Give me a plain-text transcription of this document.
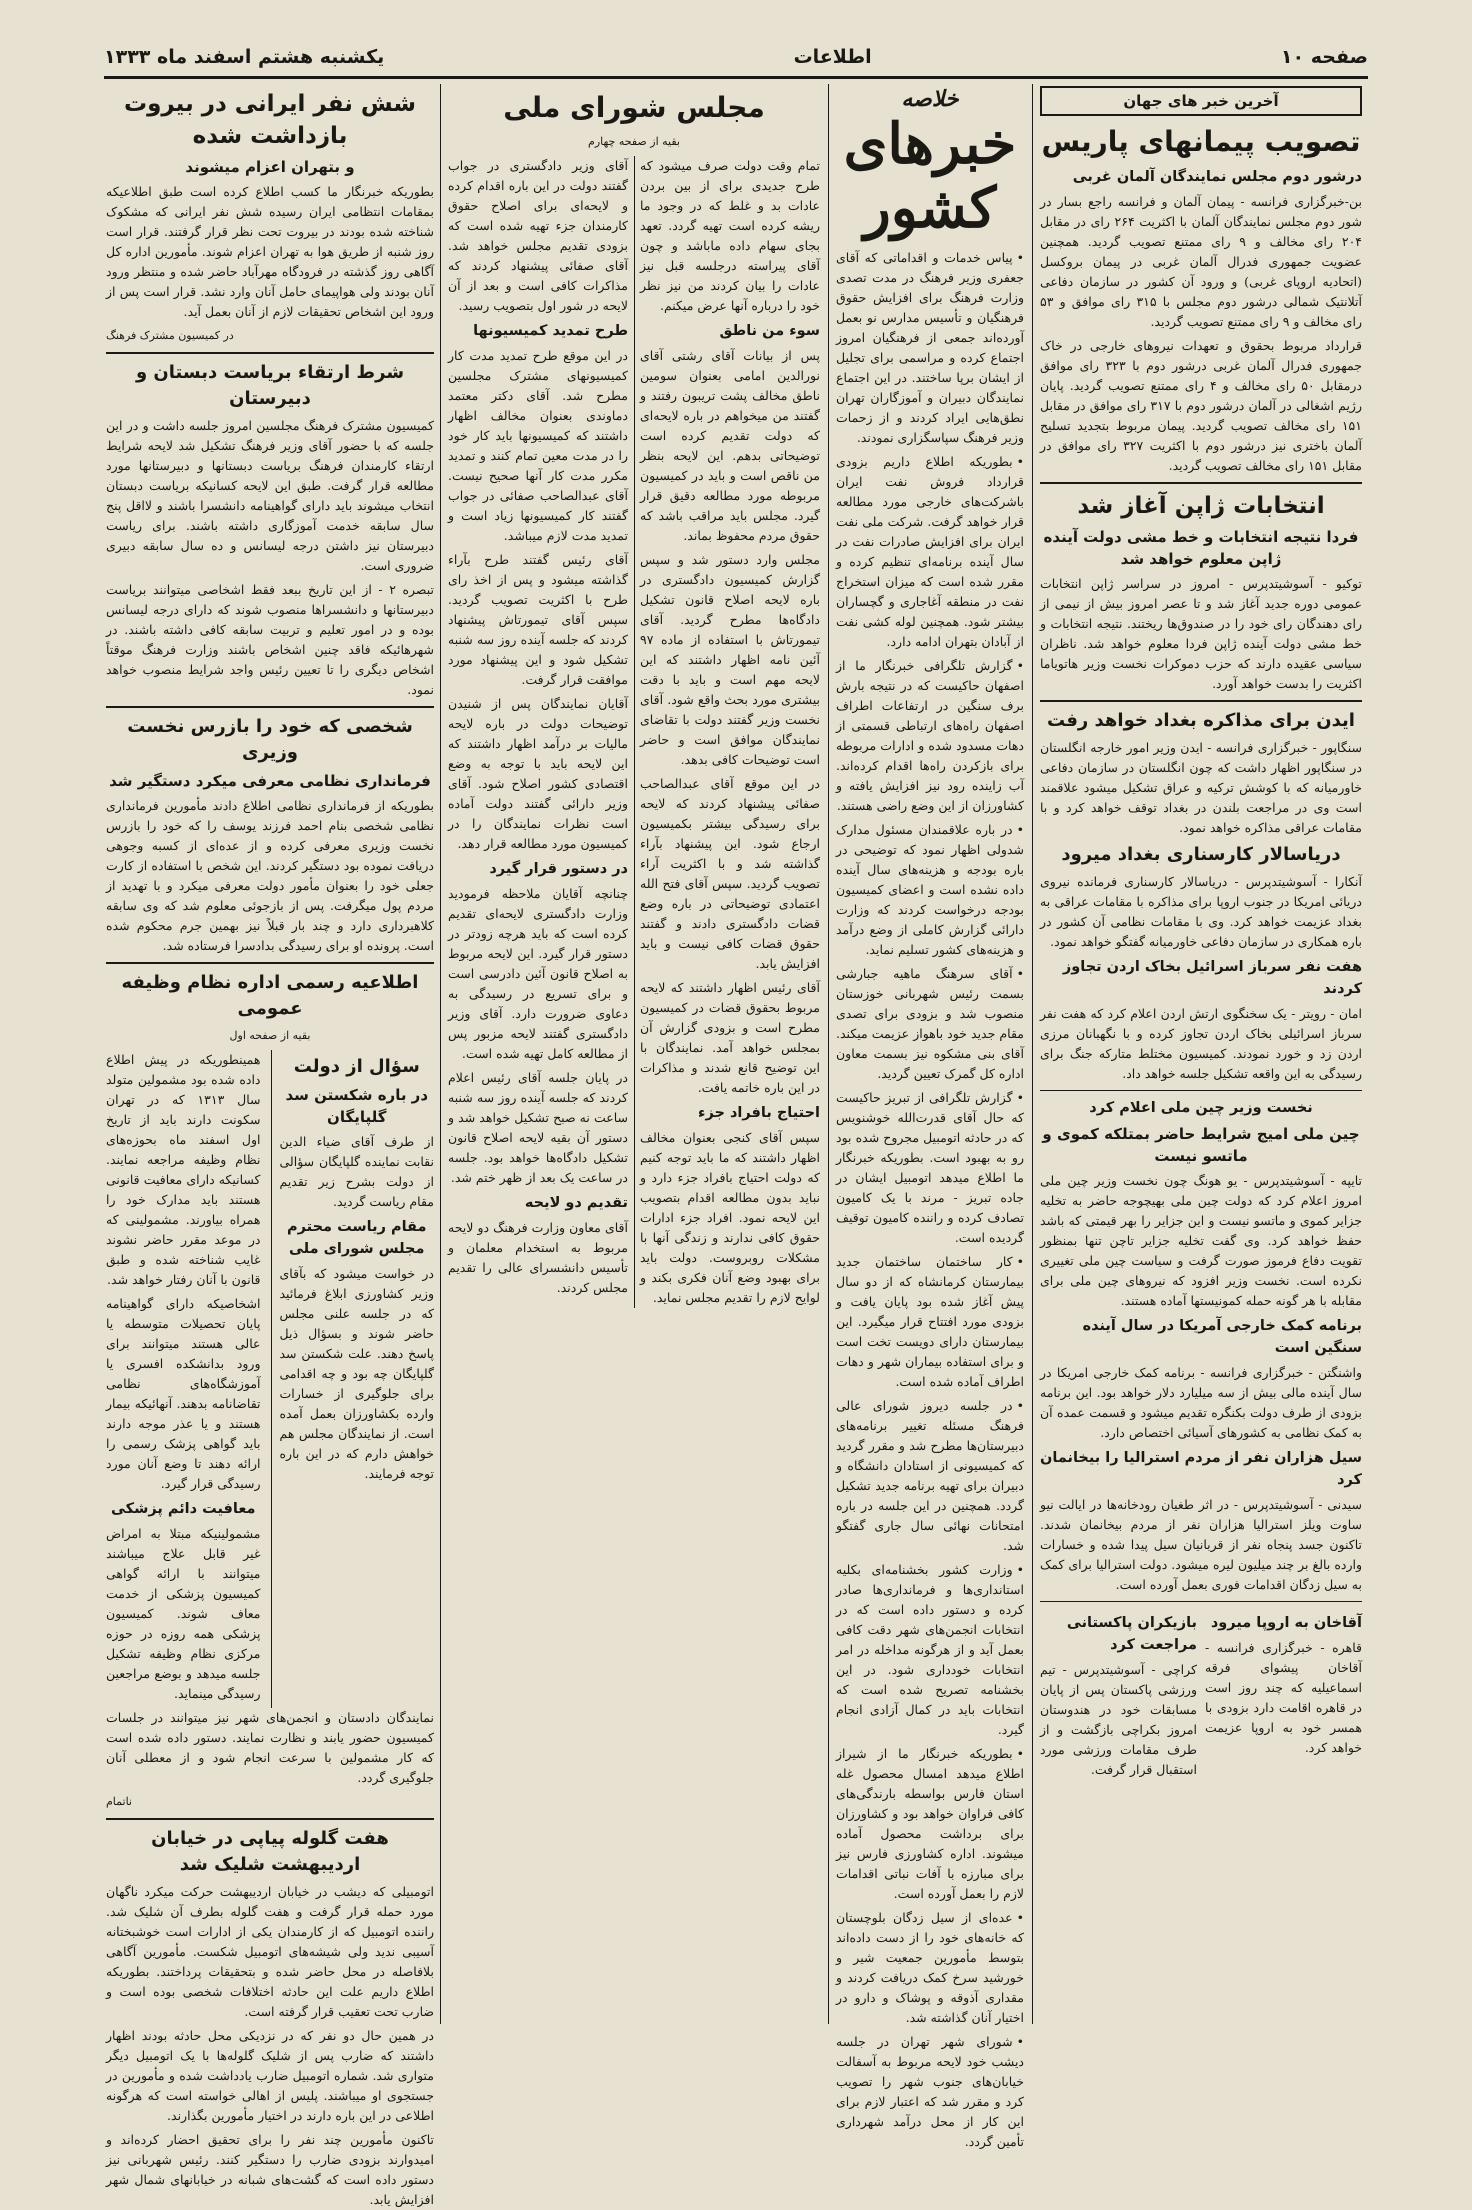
صفحه ۱۰
اطلاعات
یکشنبه هشتم اسفند ماه ۱۳۳۳
آخرین خبر های جهان
تصویب پیمانهای پاریس
درشور دوم مجلس نمایندگان آلمان غربی

بن-خبرگزاری فرانسه - پیمان آلمان و فرانسه راجع بسار در شور دوم مجلس نمایندگان آلمان با اکثریت ۲۶۴ رای در مقابل ۲۰۴ رای مخالف و ۹ رای ممتنع تصویب گردید. همچنین عضویت جمهوری فدرال آلمان غربی در پیمان بروکسل (اتحادیه اروپای غربی) و ورود آن کشور در سازمان دفاعی آتلانتیک شمالی درشور دوم مجلس با ۳۱۵ رای موافق و ۵۳ رای مخالف و ۹ رای ممتنع تصویب گردید.

قرارداد مربوط بحقوق و تعهدات نیروهای خارجی در خاک جمهوری فدرال آلمان غربی درشور دوم با ۳۲۳ رای موافق درمقابل ۵۰ رای مخالف و ۴ رای ممتنع تصویب گردید. پایان رژیم اشغالی در آلمان درشور دوم با ۳۱۷ رای موافق در مقابل ۱۵۱ رای مخالف تصویب گردید. پیمان مربوط بتجدید تسلیح آلمان باختری نیز درشور دوم با اکثریت ۳۲۷ رای موافق در مقابل ۱۵۱ رای مخالف تصویب گردید.

انتخابات ژاپن آغاز شد
فردا نتیجه انتخابات و خط مشی دولت آینده ژاپن معلوم خواهد شد

توکیو - آسوشیتدپرس - امروز در سراسر ژاپن انتخابات عمومی دوره جدید آغاز شد و تا عصر امروز بیش از نیمی از رای دهندگان رای خود را در صندوق‌ها ریختند. نتیجه انتخابات و خط مشی دولت آینده ژاپن فردا معلوم خواهد شد. ناظران سیاسی عقیده دارند که حزب دموکرات نخست وزیر هاتویاما اکثریت را بدست خواهد آورد.

ایدن برای مذاکره بغداد خواهد رفت

سنگاپور - خبرگزاری فرانسه - ایدن وزیر امور خارجه انگلستان در سنگاپور اظهار داشت که چون انگلستان در سازمان دفاعی خاورمیانه که با کوشش ترکیه و عراق تشکیل میشود علاقمند است وی در مراجعت بلندن در بغداد توقف خواهد کرد و با مقامات عراقی مذاکره خواهد نمود.

دریاسالار کارسناری بغداد میرود

آنکارا - آسوشیتدپرس - دریاسالار کارسناری فرمانده نیروی دریائی امریکا در جنوب اروپا برای مذاکره با مقامات عراقی به بغداد عزیمت خواهد کرد. وی با مقامات نظامی آن کشور در باره همکاری در سازمان دفاعی خاورمیانه گفتگو خواهد نمود.

هفت نفر سرباز اسرائیل بخاک اردن تجاوز کردند

امان - رویتر - یک سخنگوی ارتش اردن اعلام کرد که هفت نفر سرباز اسرائیلی بخاک اردن تجاوز کرده و با نگهبانان مرزی اردن زد و خورد نمودند. کمیسیون مختلط متارکه جنگ برای رسیدگی به این واقعه تشکیل جلسه خواهد داد.

نخست وزیر چین ملی اعلام کرد
چین ملی امیج شرایط حاضر بمتلکه کموی و ماتسو نیست

تایپه - آسوشیتدپرس - یو هونگ چون نخست وزیر چین ملی امروز اعلام کرد که دولت چین ملی بهیچوجه حاضر به تخلیه جزایر کموی و ماتسو نیست و این جزایر را بهر قیمتی که باشد حفظ خواهد کرد. وی گفت تخلیه جزایر تاچن تنها بمنظور تقویت دفاع فرموز صورت گرفت و سیاست چین ملی تغییری نکرده است. نخست وزیر افزود که نیروهای چین ملی برای مقابله با هر گونه حمله کمونیستها آماده هستند.

برنامه کمک خارجی آمریکا در سال آینده سنگین است

واشنگتن - خبرگزاری فرانسه - برنامه کمک خارجی امریکا در سال آینده مالی بیش از سه میلیارد دلار خواهد بود. این برنامه بزودی از طرف دولت بکنگره تقدیم میشود و قسمت عمده آن به کمک نظامی به کشورهای آسیائی اختصاص دارد.

سیل هزاران نفر از مردم استرالیا را بیخانمان کرد

سیدنی - آسوشیتدپرس - در اثر طغیان رودخانه‌ها در ایالت نیو ساوت ویلز استرالیا هزاران نفر از مردم بیخانمان شدند. تاکنون جسد پنجاه نفر از قربانیان سیل پیدا شده و خسارات وارده بالغ بر چند میلیون لیره میشود. دولت استرالیا برای کمک به سیل زدگان اقدامات فوری بعمل آورده است.

آقاخان به اروپا میرود

قاهره - خبرگزاری فرانسه - آقاخان پیشوای فرقه اسماعیلیه که چند روز است در قاهره اقامت دارد بزودی با همسر خود به اروپا عزیمت خواهد کرد.

بازیکران پاکستانی مراجعت کرد

کراچی - آسوشیتدپرس - تیم ورزشی پاکستان پس از پایان مسابقات خود در هندوستان امروز بکراچی بازگشت و از طرف مقامات ورزشی مورد استقبال قرار گرفت.

خلاصه
خبرهای کشور

• پیاس خدمات و اقداماتی که آقای جعفری وزیر فرهنگ در مدت تصدی وزارت فرهنگ برای افزایش حقوق فرهنگیان و تأسیس مدارس نو بعمل آورده‌اند جمعی از فرهنگیان امروز اجتماع کرده و مراسمی برای تجلیل از ایشان برپا ساختند. در این اجتماع نمایندگان دبیران و آموزگاران تهران نطق‌هایی ایراد کردند و از زحمات وزیر فرهنگ سپاسگزاری نمودند.

• بطوریکه اطلاع داریم بزودی قرارداد فروش نفت ایران باشرکت‌های خارجی مورد مطالعه قرار خواهد گرفت. شرکت ملی نفت ایران برای افزایش صادرات نفت در سال آینده برنامه‌ای تنظیم کرده و مقرر شده است که میزان استخراج نفت در منطقه آغاجاری و گچساران بیشتر شود. همچنین لوله کشی نفت از آبادان بتهران ادامه دارد.

• گزارش تلگرافی خبرنگار ما از اصفهان حاکیست که در نتیجه بارش برف سنگین در ارتفاعات اطراف اصفهان راه‌های ارتباطی قسمتی از دهات مسدود شده و ادارات مربوطه برای بازکردن راه‌ها اقدام کرده‌اند. آب زاینده رود نیز افزایش یافته و کشاورزان از این وضع راضی هستند.

• در باره علاقمندان مسئول مدارک شدولی اظهار نمود که توضیحی در باره بودجه و هزینه‌های سال آینده داده نشده است و اعضای کمیسیون بودجه درخواست کردند که وزارت دارائی گزارش کاملی از وضع درآمد و هزینه‌های کشور تسلیم نماید.

• آقای سرهنگ ماهیه جبارشی بسمت رئیس شهربانی خوزستان منصوب شد و بزودی برای تصدی مقام جدید خود باهواز عزیمت میکند. آقای بنی مشکوه نیز بسمت معاون اداره کل گمرک تعیین گردید.

• گزارش تلگرافی از تبریز حاکیست که حال آقای قدرت‌الله خوشنویس که در حادثه اتومبیل مجروح شده بود رو به بهبود است. بطوریکه خبرنگار ما اطلاع میدهد اتومبیل ایشان در جاده تبریز - مرند با یک کامیون تصادف کرده و راننده کامیون توقیف گردیده است.

• کار ساختمان ساختمان جدید بیمارستان کرمانشاه که از دو سال پیش آغاز شده بود پایان یافت و بزودی مورد افتتاح قرار میگیرد. این بیمارستان دارای دویست تخت است و برای استفاده بیماران شهر و دهات اطراف آماده شده است.

• در جلسه دیروز شورای عالی فرهنگ مسئله تغییر برنامه‌های دبیرستان‌ها مطرح شد و مقرر گردید که کمیسیونی از استادان دانشگاه و دبیران برای تهیه برنامه جدید تشکیل گردد. همچنین در این جلسه در باره امتحانات نهائی سال جاری گفتگو شد.

• وزارت کشور بخشنامه‌ای بکلیه استانداری‌ها و فرمانداری‌ها صادر کرده و دستور داده است که در انتخابات انجمن‌های شهر دقت کافی بعمل آید و از هرگونه مداخله در امر انتخابات خودداری شود. در این بخشنامه تصریح شده است که انتخابات باید در کمال آزادی انجام گیرد.

• بطوریکه خبرنگار ما از شیراز اطلاع میدهد امسال محصول غله استان فارس بواسطه بارندگی‌های کافی فراوان خواهد بود و کشاورزان برای برداشت محصول آماده میشوند. اداره کشاورزی فارس نیز برای مبارزه با آفات نباتی اقدامات لازم را بعمل آورده است.

• عده‌ای از سیل زدگان بلوچستان که خانه‌های خود را از دست داده‌اند بتوسط مأمورین جمعیت شیر و خورشید سرخ کمک دریافت کردند و مقداری آذوقه و پوشاک و دارو در اختیار آنان گذاشته شد.

• شورای شهر تهران در جلسه دیشب خود لایحه مربوط به آسفالت خیابان‌های جنوب شهر را تصویب کرد و مقرر شد که اعتبار لازم برای این کار از محل درآمد شهرداری تأمین گردد.

مجلس شورای ملی
بقیه از صفحه چهارم

تمام وقت دولت صرف میشود که طرح جدیدی برای از بین بردن عادات بد و غلط که در وجود ما ریشه کرده است تهیه گردد. تعهد بجای سهام داده ماباشد و چون آقای پیراسته درجلسه قبل نیز عادات را بیان کردند من نیز نظر خود را درباره آنها عرض میکنم.

سوء من ناطق

پس از بیانات آقای رشتی آقای نورالدین امامی بعنوان سومین ناطق مخالف پشت تریبون رفتند و گفتند من میخواهم در باره لایحه‌ای که دولت تقدیم کرده است توضیحاتی بدهم. این لایحه بنظر من ناقص است و باید در کمیسیون مربوطه مورد مطالعه دقیق قرار گیرد. مجلس باید مراقب باشد که حقوق مردم محفوظ بماند.

مجلس وارد دستور شد و سپس گزارش کمیسیون دادگستری در باره لایحه اصلاح قانون تشکیل دادگاه‌ها مطرح گردید. آقای تیمورتاش با استفاده از ماده ۹۷ آئین نامه اظهار داشتند که این لایحه مهم است و باید با دقت بیشتری مورد بحث واقع شود. آقای نخست وزیر گفتند دولت با تقاضای نمایندگان موافق است و حاضر است توضیحات کافی بدهد.

در این موقع آقای عبدالصاحب صفائی پیشنهاد کردند که لایحه برای رسیدگی بیشتر بکمیسیون ارجاع شود. این پیشنهاد بآراء گذاشته شد و با اکثریت آراء تصویب گردید. سپس آقای فتح الله اعتمادی توضیحاتی در باره وضع قضات دادگستری دادند و گفتند حقوق قضات کافی نیست و باید افزایش یابد.

آقای رئیس اظهار داشتند که لایحه مربوط بحقوق قضات در کمیسیون مطرح است و بزودی گزارش آن بمجلس خواهد آمد. نمایندگان با این توضیح قانع شدند و مذاکرات در این باره خاتمه یافت.

احتیاج بافراد جزء

سپس آقای کنجی بعنوان مخالف اظهار داشتند که ما باید توجه کنیم که دولت احتیاج بافراد جزء دارد و نباید بدون مطالعه اقدام بتصویب این لایحه نمود. افراد جزء ادارات حقوق کافی ندارند و زندگی آنها با مشکلات روبروست. دولت باید برای بهبود وضع آنان فکری بکند و لوایح لازم را تقدیم مجلس نماید.

آقای وزیر دادگستری در جواب گفتند دولت در این باره اقدام کرده و لایحه‌ای برای اصلاح حقوق کارمندان جزء تهیه شده است که بزودی تقدیم مجلس خواهد شد. آقای صفائی پیشنهاد کردند که مذاکرات کافی است و بعد از آن لایحه در شور اول بتصویب رسید.

طرح تمدید کمیسیونها

در این موقع طرح تمدید مدت کار کمیسیونهای مشترک مجلسین مطرح شد. آقای دکتر معتمد دماوندی بعنوان مخالف اظهار داشتند که کمیسیونها باید کار خود را در مدت معین تمام کنند و تمدید مکرر مدت کار آنها صحیح نیست. آقای عبدالصاحب صفائی در جواب گفتند کار کمیسیونها زیاد است و تمدید مدت لازم میباشد.

آقای رئیس گفتند طرح بآراء گذاشته میشود و پس از اخذ رای طرح با اکثریت تصویب گردید. سپس آقای تیمورتاش پیشنهاد کردند که جلسه آینده روز سه شنبه تشکیل شود و این پیشنهاد مورد موافقت قرار گرفت.

آقایان نمایندگان پس از شنیدن توضیحات دولت در باره لایحه مالیات بر درآمد اظهار داشتند که این لایحه باید با توجه به وضع اقتصادی کشور اصلاح شود. آقای وزیر دارائی گفتند دولت آماده است نظرات نمایندگان را در کمیسیون مورد مطالعه قرار دهد.

در دستور قرار گیرد

چنانچه آقایان ملاحظه فرمودید وزارت دادگستری لایحه‌ای تقدیم کرده است که باید هرچه زودتر در دستور قرار گیرد. این لایحه مربوط به اصلاح قانون آئین دادرسی است و برای تسریع در رسیدگی به دعاوی ضرورت دارد. آقای وزیر دادگستری گفتند لایحه مزبور پس از مطالعه کامل تهیه شده است.

در پایان جلسه آقای رئیس اعلام کردند که جلسه آینده روز سه شنبه ساعت نه صبح تشکیل خواهد شد و دستور آن بقیه لایحه اصلاح قانون تشکیل دادگاه‌ها خواهد بود. جلسه در ساعت یک بعد از ظهر ختم شد.

تقدیم دو لایحه

آقای معاون وزارت فرهنگ دو لایحه مربوط به استخدام معلمان و تأسیس دانشسرای عالی را تقدیم مجلس کردند.

شش نفر ایرانی در بیروت بازداشت شده
و بتهران اعزام میشوند

بطوریکه خبرنگار ما کسب اطلاع کرده است طبق اطلاعیکه بمقامات انتظامی ایران رسیده شش نفر ایرانی که مشکوک شناخته شده بودند در بیروت تحت نظر قرار گرفتند. قرار است روز شنبه از طریق هوا به تهران اعزام شوند. مأمورین اداره کل آگاهی روز گذشته در فرودگاه مهرآباد حاضر شده و منتظر ورود آنان بودند ولی هواپیمای حامل آنان وارد نشد. قرار است پس از ورود این اشخاص تحقیقات لازم از آنان بعمل آید.

در کمیسیون مشترک فرهنگ
شرط ارتقاء بریاست دبستان و دبیرستان

کمیسیون مشترک فرهنگ مجلسین امروز جلسه داشت و در این جلسه که با حضور آقای وزیر فرهنگ تشکیل شد لایحه شرایط ارتقاء کارمندان فرهنگ بریاست دبستانها و دبیرستانها مورد مطالعه قرار گرفت. طبق این لایحه کسانیکه بریاست دبستان انتخاب میشوند باید دارای گواهینامه دانشسرا باشند و لااقل پنج سال سابقه خدمت آموزگاری داشته باشند. برای ریاست دبیرستان نیز داشتن درجه لیسانس و ده سال سابقه دبیری ضروری است.

تبصره ۲ - از این تاریخ ببعد فقط اشخاصی میتوانند بریاست دبیرستانها و دانشسراها منصوب شوند که دارای درجه لیسانس بوده و در امور تعلیم و تربیت سابقه کافی داشته باشند. در شهرهائیکه فاقد چنین اشخاص باشند وزارت فرهنگ موقتاً اشخاص دیگری را تا تعیین رئیس واجد شرایط منصوب خواهد نمود.

شخصی که خود را بازرس نخست وزیری
فرمانداری نظامی معرفی میکرد دستگیر شد

بطوریکه از فرمانداری نظامی اطلاع دادند مأمورین فرمانداری نظامی شخصی بنام احمد فرزند یوسف را که خود را بازرس نخست وزیری معرفی کرده و از عده‌ای از کسبه وجوهی دریافت نموده بود دستگیر کردند. این شخص با استفاده از کارت جعلی خود را بعنوان مأمور دولت معرفی میکرد و با تهدید از مردم پول میگرفت. پس از بازجوئی معلوم شد که وی سابقه کلاهبرداری دارد و چند بار قبلاً نیز بهمین جرم محکوم شده است. پرونده او برای رسیدگی بدادسرا فرستاده شد.

اطلاعیه رسمی اداره نظام وظیفه عمومی
بقیه از صفحه اول
سؤال از دولت
در باره شکستن سد گلپایگان

از طرف آقای ضیاء الدین نقابت نماینده گلپایگان سؤالی از دولت بشرح زیر تقدیم مقام ریاست گردید.

مقام ریاست محترم مجلس شورای ملی

در خواست میشود که بآقای وزیر کشاورزی ابلاغ فرمائید که در جلسه علنی مجلس حاضر شوند و بسؤال ذیل پاسخ دهند. علت شکستن سد گلپایگان چه بود و چه اقدامی برای جلوگیری از خسارات وارده بکشاورزان بعمل آمده است. از نمایندگان مجلس هم خواهش دارم که در این باره توجه فرمایند.

همینطوریکه در پیش اطلاع داده شده بود مشمولین متولد سال ۱۳۱۳ که در تهران سکونت دارند باید از تاریخ اول اسفند ماه بحوزه‌های نظام وظیفه مراجعه نمایند. کسانیکه دارای معافیت قانونی هستند باید مدارک خود را همراه بیاورند. مشمولینی که در موعد مقرر حاضر نشوند غایب شناخته شده و طبق قانون با آنان رفتار خواهد شد.

اشخاصیکه دارای گواهینامه پایان تحصیلات متوسطه یا عالی هستند میتوانند برای ورود بدانشکده افسری یا آموزشگاه‌های نظامی تقاضانامه بدهند. آنهائیکه بیمار هستند و یا عذر موجه دارند باید گواهی پزشک رسمی را ارائه دهند تا وضع آنان مورد رسیدگی قرار گیرد.

معافیت دائم پزشکی

مشمولینیکه مبتلا به امراض غیر قابل علاج میباشند میتوانند با ارائه گواهی کمیسیون پزشکی از خدمت معاف شوند. کمیسیون پزشکی همه روزه در حوزه مرکزی نظام وظیفه تشکیل جلسه میدهد و بوضع مراجعین رسیدگی مینماید.

نمایندگان دادستان و انجمن‌های شهر نیز میتوانند در جلسات کمیسیون حضور یابند و نظارت نمایند. دستور داده شده است که کار مشمولین با سرعت انجام شود و از معطلی آنان جلوگیری گردد.

ناتمام
هفت گلوله پیاپی در خیابان اردیبهشت شلیک شد

اتومبیلی که دیشب در خیابان اردیبهشت حرکت میکرد ناگهان مورد حمله قرار گرفت و هفت گلوله بطرف آن شلیک شد. راننده اتومبیل که از کارمندان یکی از ادارات است خوشبختانه آسیبی ندید ولی شیشه‌های اتومبیل شکست. مأمورین آگاهی بلافاصله در محل حاضر شده و بتحقیقات پرداختند. بطوریکه اطلاع داریم علت این حادثه اختلافات شخصی بوده است و ضارب تحت تعقیب قرار گرفته است.

در همین حال دو نفر که در نزدیکی محل حادثه بودند اظهار داشتند که ضارب پس از شلیک گلوله‌ها با یک اتومبیل دیگر متواری شد. شماره اتومبیل ضارب یادداشت شده و مأمورین در جستجوی او میباشند. پلیس از اهالی خواسته است که هرگونه اطلاعی در این باره دارند در اختیار مأمورین بگذارند.

تاکنون مأمورین چند نفر را برای تحقیق احضار کرده‌اند و امیدوارند بزودی ضارب را دستگیر کنند. رئیس شهربانی نیز دستور داده است که گشت‌های شبانه در خیابانهای شمال شهر افزایش یابد.
